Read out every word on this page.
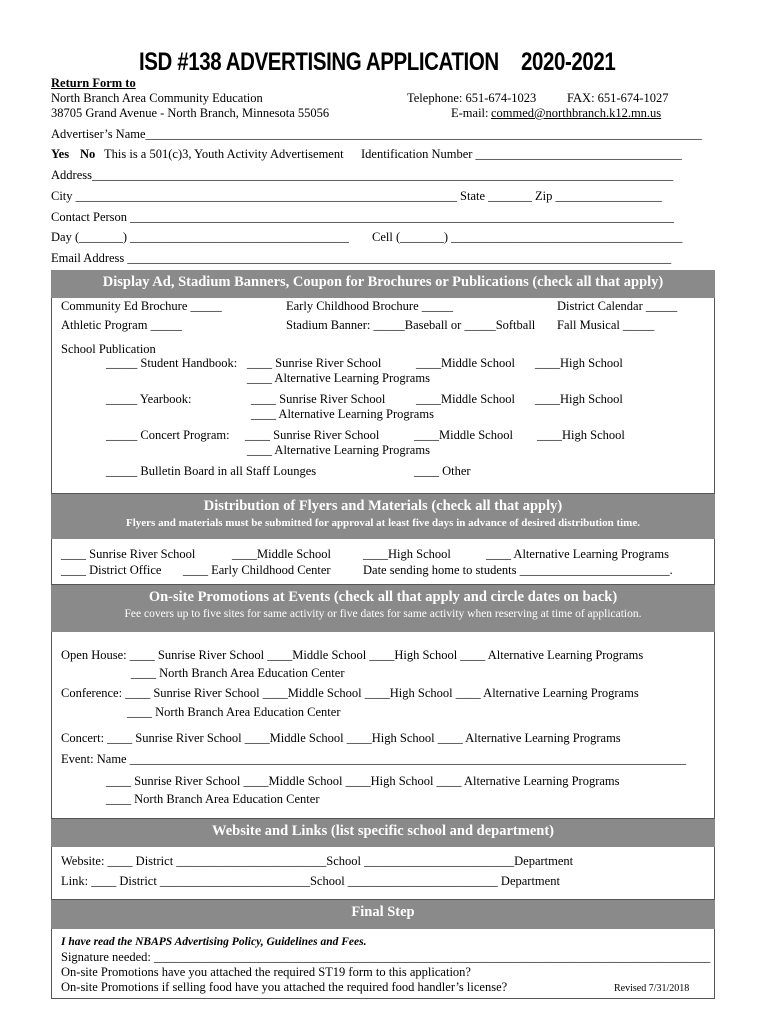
ISD #138 ADVERTISING APPLICATION 2020-2021
Return Form to
North Branch Area Community Education
38705 Grand Avenue - North Branch, Minnesota 55056
Telephone: 651-674-1023 FAX: 651-674-1027
E-mail: commed@northbranch.k12.mn.us
Advertiser’s Name_________________________________________________________________________________________
Yes No This is a 501(c)3, Youth Activity Advertisement Identification Number _________________________________
Address_____________________________________________________________________________________________
City _____________________________________________________________ State _______ Zip _________________
Contact Person _______________________________________________________________________________________
Day (_______) ___________________________________ Cell (_______) _____________________________________
Email Address _______________________________________________________________________________________
Display Ad, Stadium Banners, Coupon for Brochures or Publications (check all that apply)
Community Ed Brochure _____	Early Childhood Brochure _____	District Calendar _____
Athletic Program _____	Stadium Banner: _____Baseball or _____Softball Fall Musical _____
School Publication
_____ Student Handbook: ____ Sunrise River School	____Middle School ____High School
____ Alternative Learning Programs
_____ Yearbook:	____ Sunrise River School ____Middle School ____High School
____ Alternative Learning Programs
_____ Concert Program: ____ Sunrise River School	____Middle School ____High School
____ Alternative Learning Programs
_____ Bulletin Board in all Staff Lounges	____ Other
Distribution of Flyers and Materials (check all that apply)
Flyers and materials must be submitted for approval at least five days in advance of desired distribution time.
____ Sunrise River School	____Middle School	____High School	____ Alternative Learning Programs
____ District Office ____ Early Childhood Center	Date sending home to students ________________________.
On-site Promotions at Events (check all that apply and circle dates on back)
Fee covers up to five sites for same activity or five dates for same activity when reserving at time of application.
Open House: ____ Sunrise River School ____Middle School ____High School ____ Alternative Learning Programs
____ North Branch Area Education Center
Conference: ____ Sunrise River School ____Middle School ____High School ____ Alternative Learning Programs
____ North Branch Area Education Center
Concert: ____ Sunrise River School ____Middle School ____High School ____ Alternative Learning Programs
Event: Name _________________________________________________________________________________________
____ Sunrise River School ____Middle School ____High School ____ Alternative Learning Programs
____ North Branch Area Education Center
Website and Links (list specific school and department)
Website: ____ District ________________________School ________________________Department
Link: ____ District ________________________School ________________________ Department
Final Step
I have read the NBAPS Advertising Policy, Guidelines and Fees.
Signature needed: _________________________________________________________________________________________
On-site Promotions have you attached the required ST19 form to this application?
On-site Promotions if selling food have you attached the required food handler’s license?	Revised 7/31/2018
